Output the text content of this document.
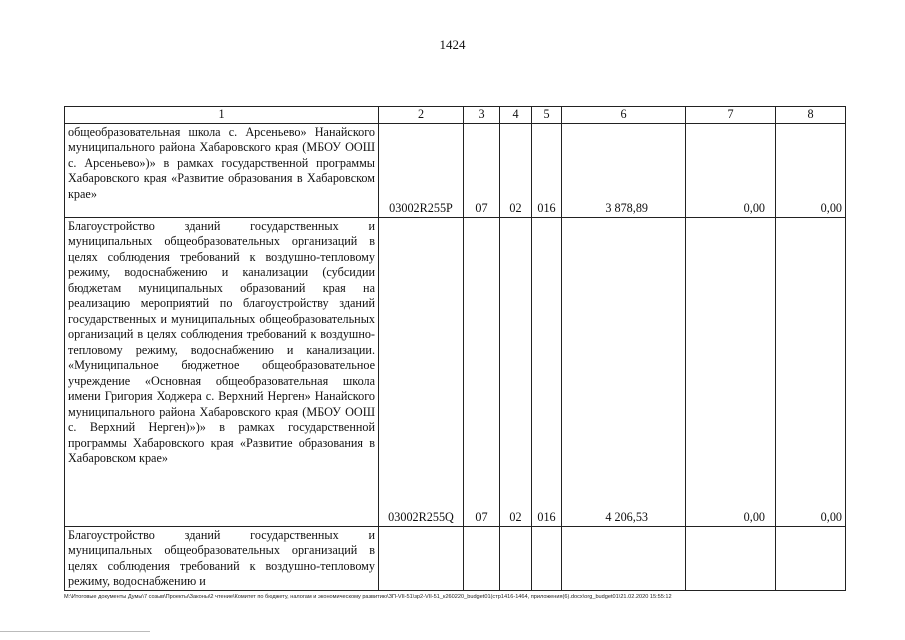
1424
1	2	3	4	5	6	7	8
общеобразовательная школа с. Арсеньево» Нанайского муниципального района Хабаровского края (МБОУ ООШ с. Арсеньево»)» в рамках государственной программы Хабаровского края «Развитие образования в Хабаровском крае»	03002R255P	07	02	016	3 878,89	0,00	0,00
Благоустройство зданий государственных и муниципальных общеобразовательных организаций в целях соблюдения требований к воздушно-тепловому режиму, водоснабжению и канализации (субсидии бюджетам муниципальных образований края на реализацию мероприятий по благоустройству зданий государственных и муниципальных общеобразовательных организаций в целях соблюдения требований к воздушно-тепловому режиму, водоснабжению и канализации. «Муниципальное бюджетное общеобразовательное учреждение «Основная общеобразовательная школа имени Григория Ходжера с. Верхний Нерген» Нанайского муниципального района Хабаровского края (МБОУ ООШ с. Верхний Нерген)»)» в рамках государственной программы Хабаровского края «Развитие образования в Хабаровском крае»	03002R255Q	07	02	016	4 206,53	0,00	0,00
Благоустройство зданий государственных и муниципальных общеобразовательных организаций в целях соблюдения требований к воздушно-тепловому режиму, водоснабжению и							
M:\Итоговые документы Думы\7 созыв\Проекты\Законы\2 чтение\Комитет по бюджету, налогам и экономическому развитию\ЗП-VII-51\зр2-VII-51_к260220_budget01(стр1416-1464, приложения(6).docx\org_budget01\21.02.2020 15:55:12
